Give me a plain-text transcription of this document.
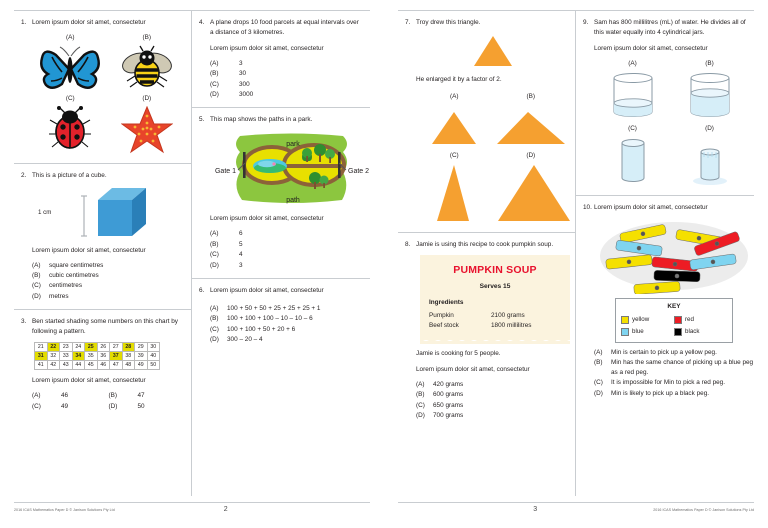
1. Lorem ipsum dolor sit amet, consectetur

(A)	(B)
(C)	(D)
2. This is a picture of a cube.

1 cm

Lorem ipsum dolor sit amet, consectetur

(A)	square centimetres
(B)	cubic centimetres
(C)	centimetres
(D)	metres
3. Ben started shading some numbers on this chart by following a pattern.

21	22	23	24	25	26	27	28	29	30
31	32	33	34	35	36	37	38	39	40
41	42	43	44	45	46	47	48	49	50

Lorem ipsum dolor sit amet, consectetur

(A)	46	(B)	47
(C)	49	(D)	50
4. A plane drops 10 food parcels at equal intervals over a distance of 3 kilometres.

Lorem ipsum dolor sit amet, consectetur

(A)	3
(B)	30
(C)	300
(D)	3000
5. This map shows the paths in a park.

park
path
Gate 1	Gate 2

Lorem ipsum dolor sit amet, consectetur

(A)	6
(B)	5
(C)	4
(D)	3
6. Lorem ipsum dolor sit amet, consectetur

(A)	100 + 50 + 50 + 25 + 25 + 25 + 1
(B)	100 + 100 + 100 – 10 – 10 – 6
(C)	100 + 100 + 50 + 20 + 6
(D)	300 – 20 – 4
2016 ICAS Mathematics Paper D © Janison Solutions Pty Ltd	2
7. Troy drew this triangle.

He enlarged it by a factor of 2.

(A)	(B)
(C)	(D)
8. Jamie is using this recipe to cook pumpkin soup.

PUMPKIN SOUP
Serves 15
Ingredients
Pumpkin	2100 grams
Beef stock	1800 millilitres

Jamie is cooking for 5 people.

Lorem ipsum dolor sit amet, consectetur

(A)	420 grams
(B)	600 grams
(C)	650 grams
(D)	700 grams
9. Sam has 800 millilitres (mL) of water. He divides all of this water equally into 4 cylindrical jars.

Lorem ipsum dolor sit amet, consectetur

(A)	(B)
(C)	(D)
10. Lorem ipsum dolor sit amet, consectetur

KEY
yellow	red
blue	black
(A)	Min is certain to pick up a yellow peg.
(B)	Min has the same chance of picking up a blue peg as a red peg.
(C)	It is impossible for Min to pick a red peg.
(D)	Min is likely to pick up a black peg.
3	2016 ICAS Mathematics Paper D © Janison Solutions Pty Ltd
